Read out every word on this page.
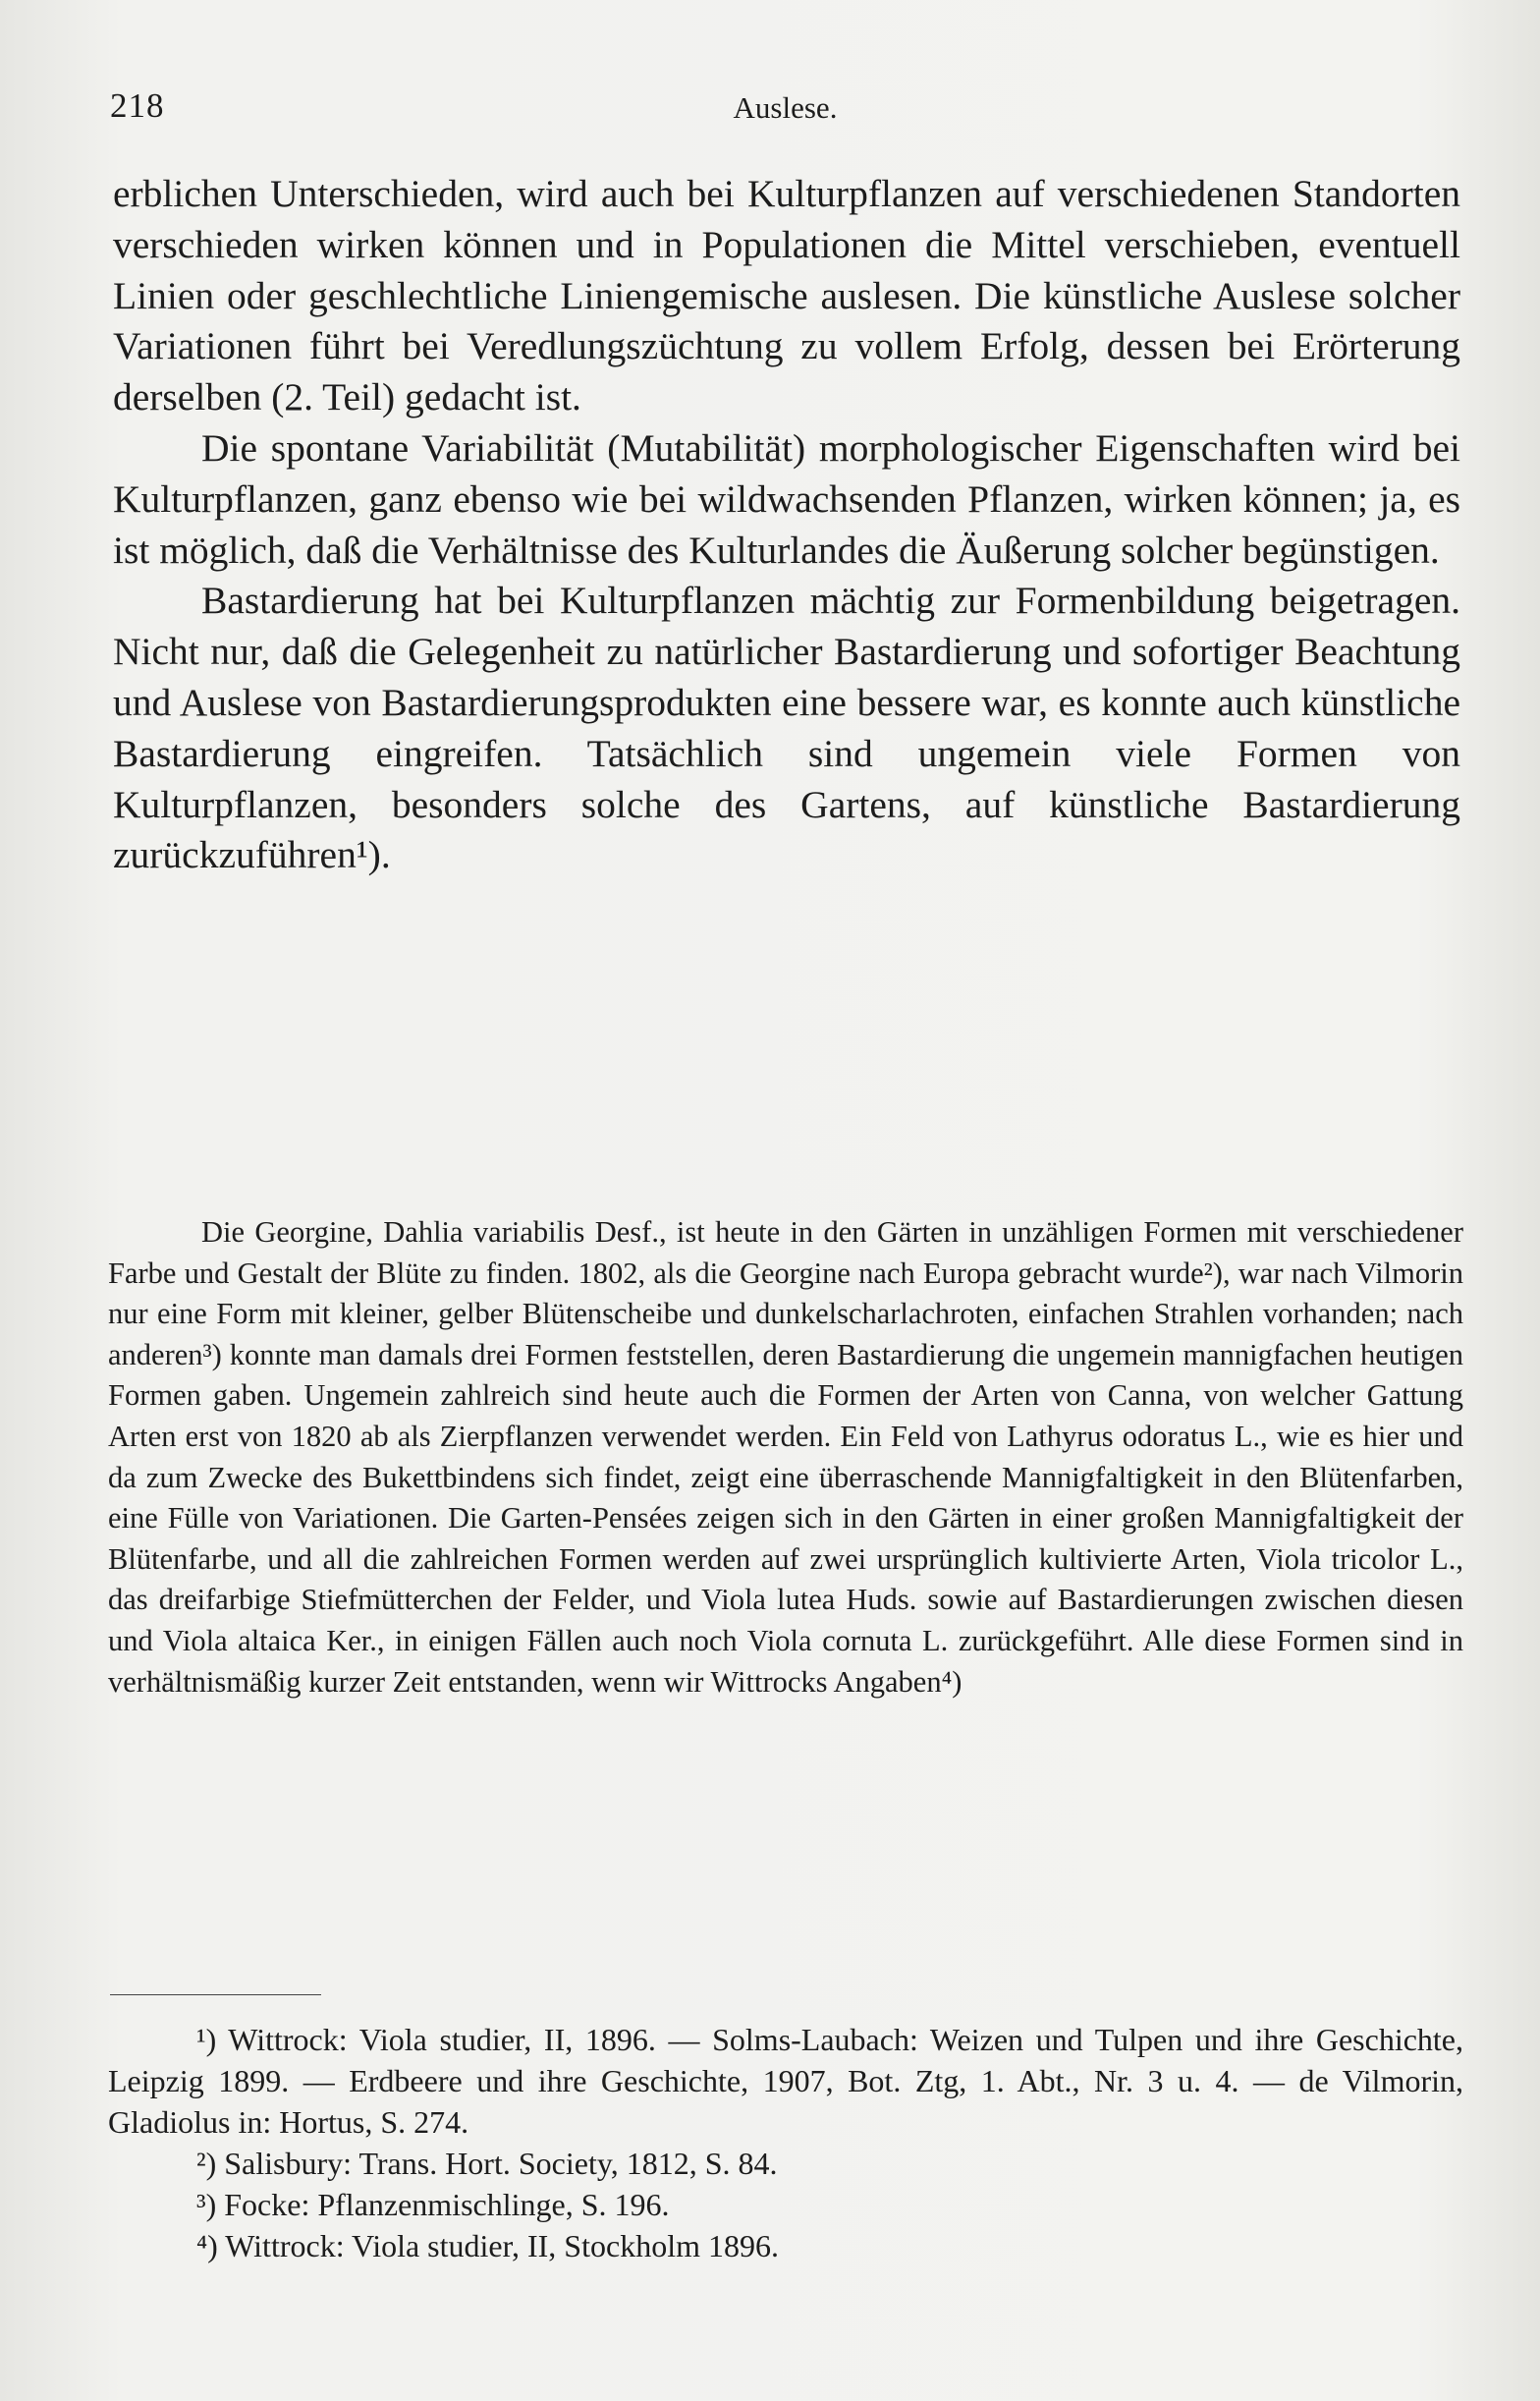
218	Auslese.

erblichen Unterschieden, wird auch bei Kulturpflanzen auf verschiedenen Standorten verschieden wirken können und in Populationen die Mittel verschieben, eventuell Linien oder geschlechtliche Liniengemische auslesen. Die künstliche Auslese solcher Variationen führt bei Veredlungszüchtung zu vollem Erfolg, dessen bei Erörterung derselben (2. Teil) gedacht ist.

Die spontane Variabilität (Mutabilität) morphologischer Eigenschaften wird bei Kulturpflanzen, ganz ebenso wie bei wildwachsenden Pflanzen, wirken können; ja, es ist möglich, daß die Verhältnisse des Kulturlandes die Äußerung solcher begünstigen.

Bastardierung hat bei Kulturpflanzen mächtig zur Formenbildung beigetragen. Nicht nur, daß die Gelegenheit zu natürlicher Bastardierung und sofortiger Beachtung und Auslese von Bastardierungsprodukten eine bessere war, es konnte auch künstliche Bastardierung eingreifen. Tatsächlich sind ungemein viele Formen von Kulturpflanzen, besonders solche des Gartens, auf künstliche Bastardierung zurückzuführen¹).

Die Georgine, Dahlia variabilis Desf., ist heute in den Gärten in unzähligen Formen mit verschiedener Farbe und Gestalt der Blüte zu finden. 1802, als die Georgine nach Europa gebracht wurde²), war nach Vilmorin nur eine Form mit kleiner, gelber Blütenscheibe und dunkelscharlachroten, einfachen Strahlen vorhanden; nach anderen³) konnte man damals drei Formen feststellen, deren Bastardierung die ungemein mannigfachen heutigen Formen gaben. Ungemein zahlreich sind heute auch die Formen der Arten von Canna, von welcher Gattung Arten erst von 1820 ab als Zierpflanzen verwendet werden. Ein Feld von Lathyrus odoratus L., wie es hier und da zum Zwecke des Bukettbindens sich findet, zeigt eine überraschende Mannigfaltigkeit in den Blütenfarben, eine Fülle von Variationen. Die Garten-Pensées zeigen sich in den Gärten in einer großen Mannigfaltigkeit der Blütenfarbe, und all die zahlreichen Formen werden auf zwei ursprünglich kultivierte Arten, Viola tricolor L., das dreifarbige Stiefmütterchen der Felder, und Viola lutea Huds. sowie auf Bastardierungen zwischen diesen und Viola altaica Ker., in einigen Fällen auch noch Viola cornuta L. zurückgeführt. Alle diese Formen sind in verhältnismäßig kurzer Zeit entstanden, wenn wir Wittrocks Angaben⁴)

¹) Wittrock: Viola studier, II, 1896. — Solms-Laubach: Weizen und Tulpen und ihre Geschichte, Leipzig 1899. — Erdbeere und ihre Geschichte, 1907, Bot. Ztg, 1. Abt., Nr. 3 u. 4. — de Vilmorin, Gladiolus in: Hortus, S. 274.

²) Salisbury: Trans. Hort. Society, 1812, S. 84.

³) Focke: Pflanzenmischlinge, S. 196.

⁴) Wittrock: Viola studier, II, Stockholm 1896.
